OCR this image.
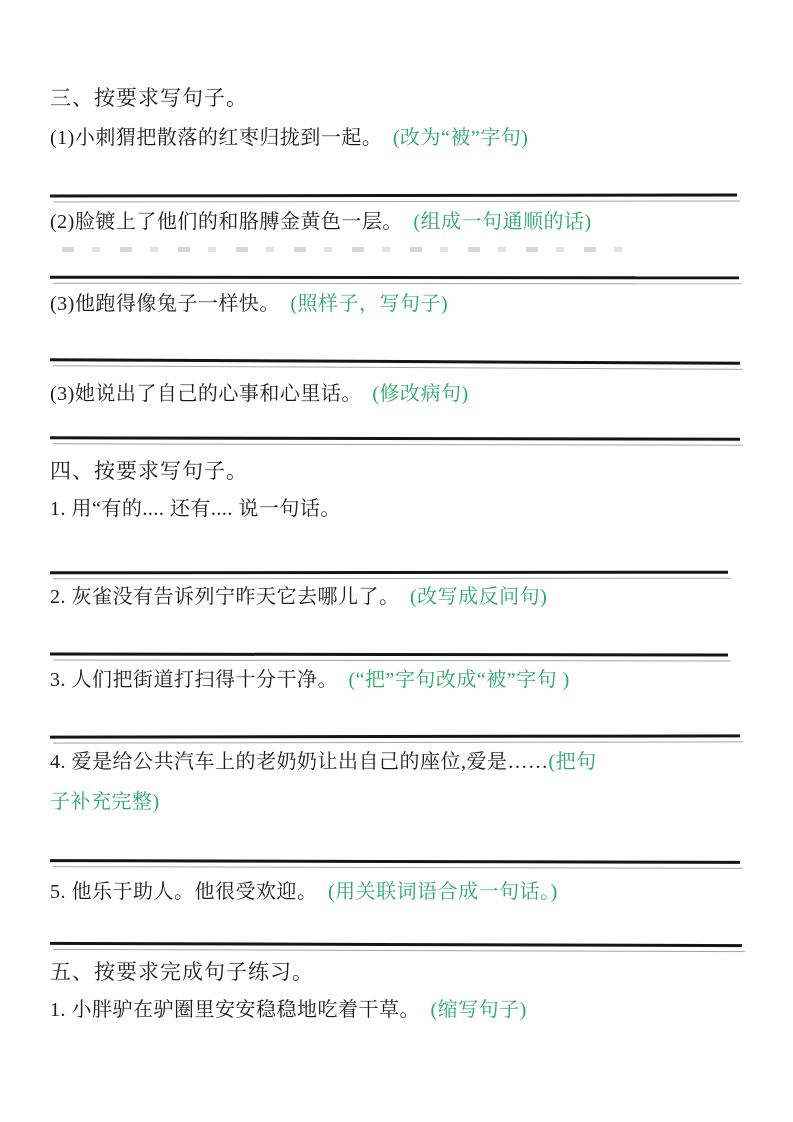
三、按要求写句子。
(1)小刺猬把散落的红枣归拢到一起。 (改为“被”字句)
(2)脸镀上了他们的和胳膊金黄色一层。 (组成一句通顺的话)
(3)他跑得像兔子一样快。 (照样子，写句子)
(3)她说出了自己的心事和心里话。 (修改病句)
四、按要求写句子。
1. 用“有的.... 还有.... 说一句话。
2. 灰雀没有告诉列宁昨天它去哪儿了。 (改写成反问句)
3. 人们把街道打扫得十分干净。 (“把”字句改成“被”字句 )
4. 爱是给公共汽车上的老奶奶让出自己的座位,爱是……(把句
子补充完整)
5. 他乐于助人。他很受欢迎。 (用关联词语合成一句话。)
五、按要求完成句子练习。
1. 小胖驴在驴圈里安安稳稳地吃着干草。 (缩写句子)
